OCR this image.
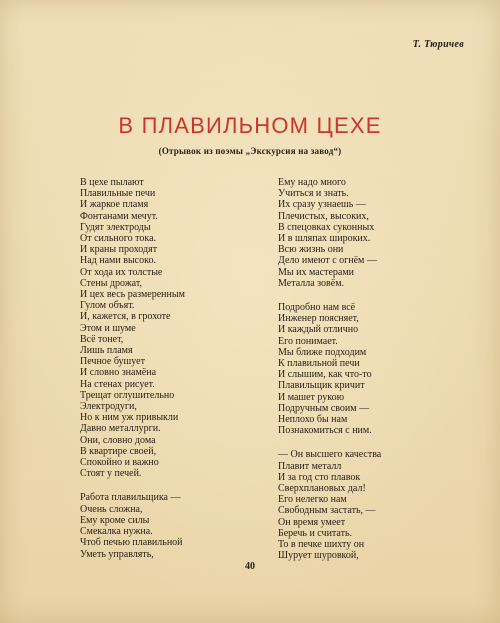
Т. Тюричев
В ПЛАВИЛЬНОМ ЦЕХЕ
(Отрывок из поэмы „Экскурсия на завод“)
В цехе пылают
Плавильные печи
И жаркое пламя
Фонтанами мечут.
Гудят электроды
От сильного тока.
И краны проходят
Над нами высоко.
От хода их толстые
Стены дрожат,
И цех весь размеренным
Гулом объят.
И, кажется, в грохоте
Этом и шуме
Всё тонет,
Лишь пламя
Печное бушует
И словно знамёна
На стенах рисует.
Трещат оглушительно
Электродуги,
Но к ним уж привыкли
Давно металлурги.
Они, словно дома
В квартире своей,
Спокойно и важно
Стоят у печей.
Работа плавильщика —
Очень сложна,
Ему кроме силы
Смекалка нужна.
Чтоб печью плавильной
Уметь управлять,
Ему надо много
Учиться и знать.
Их сразу узнаешь —
Плечистых, высоких,
В спецовках суконных
И в шляпах широких.
Всю жизнь они
Дело имеют с огнём —
Мы их мастерами
Металла зовём.
Подробно нам всё
Инженер поясняет,
И каждый отлично
Его понимает.
Мы ближе подходим
К плавильной печи
И слышим, как что-то
Плавильщик кричит
И машет рукою
Подручным своим —
Неплохо бы нам
Познакомиться с ним.
— Он высшего качества
Плавит металл
И за год сто плавок
Сверхплановых дал!
Его нелегко нам
Свободным застать, —
Он время умеет
Беречь и считать.
То в печке шихту он
Шурует шуровкой,
40
